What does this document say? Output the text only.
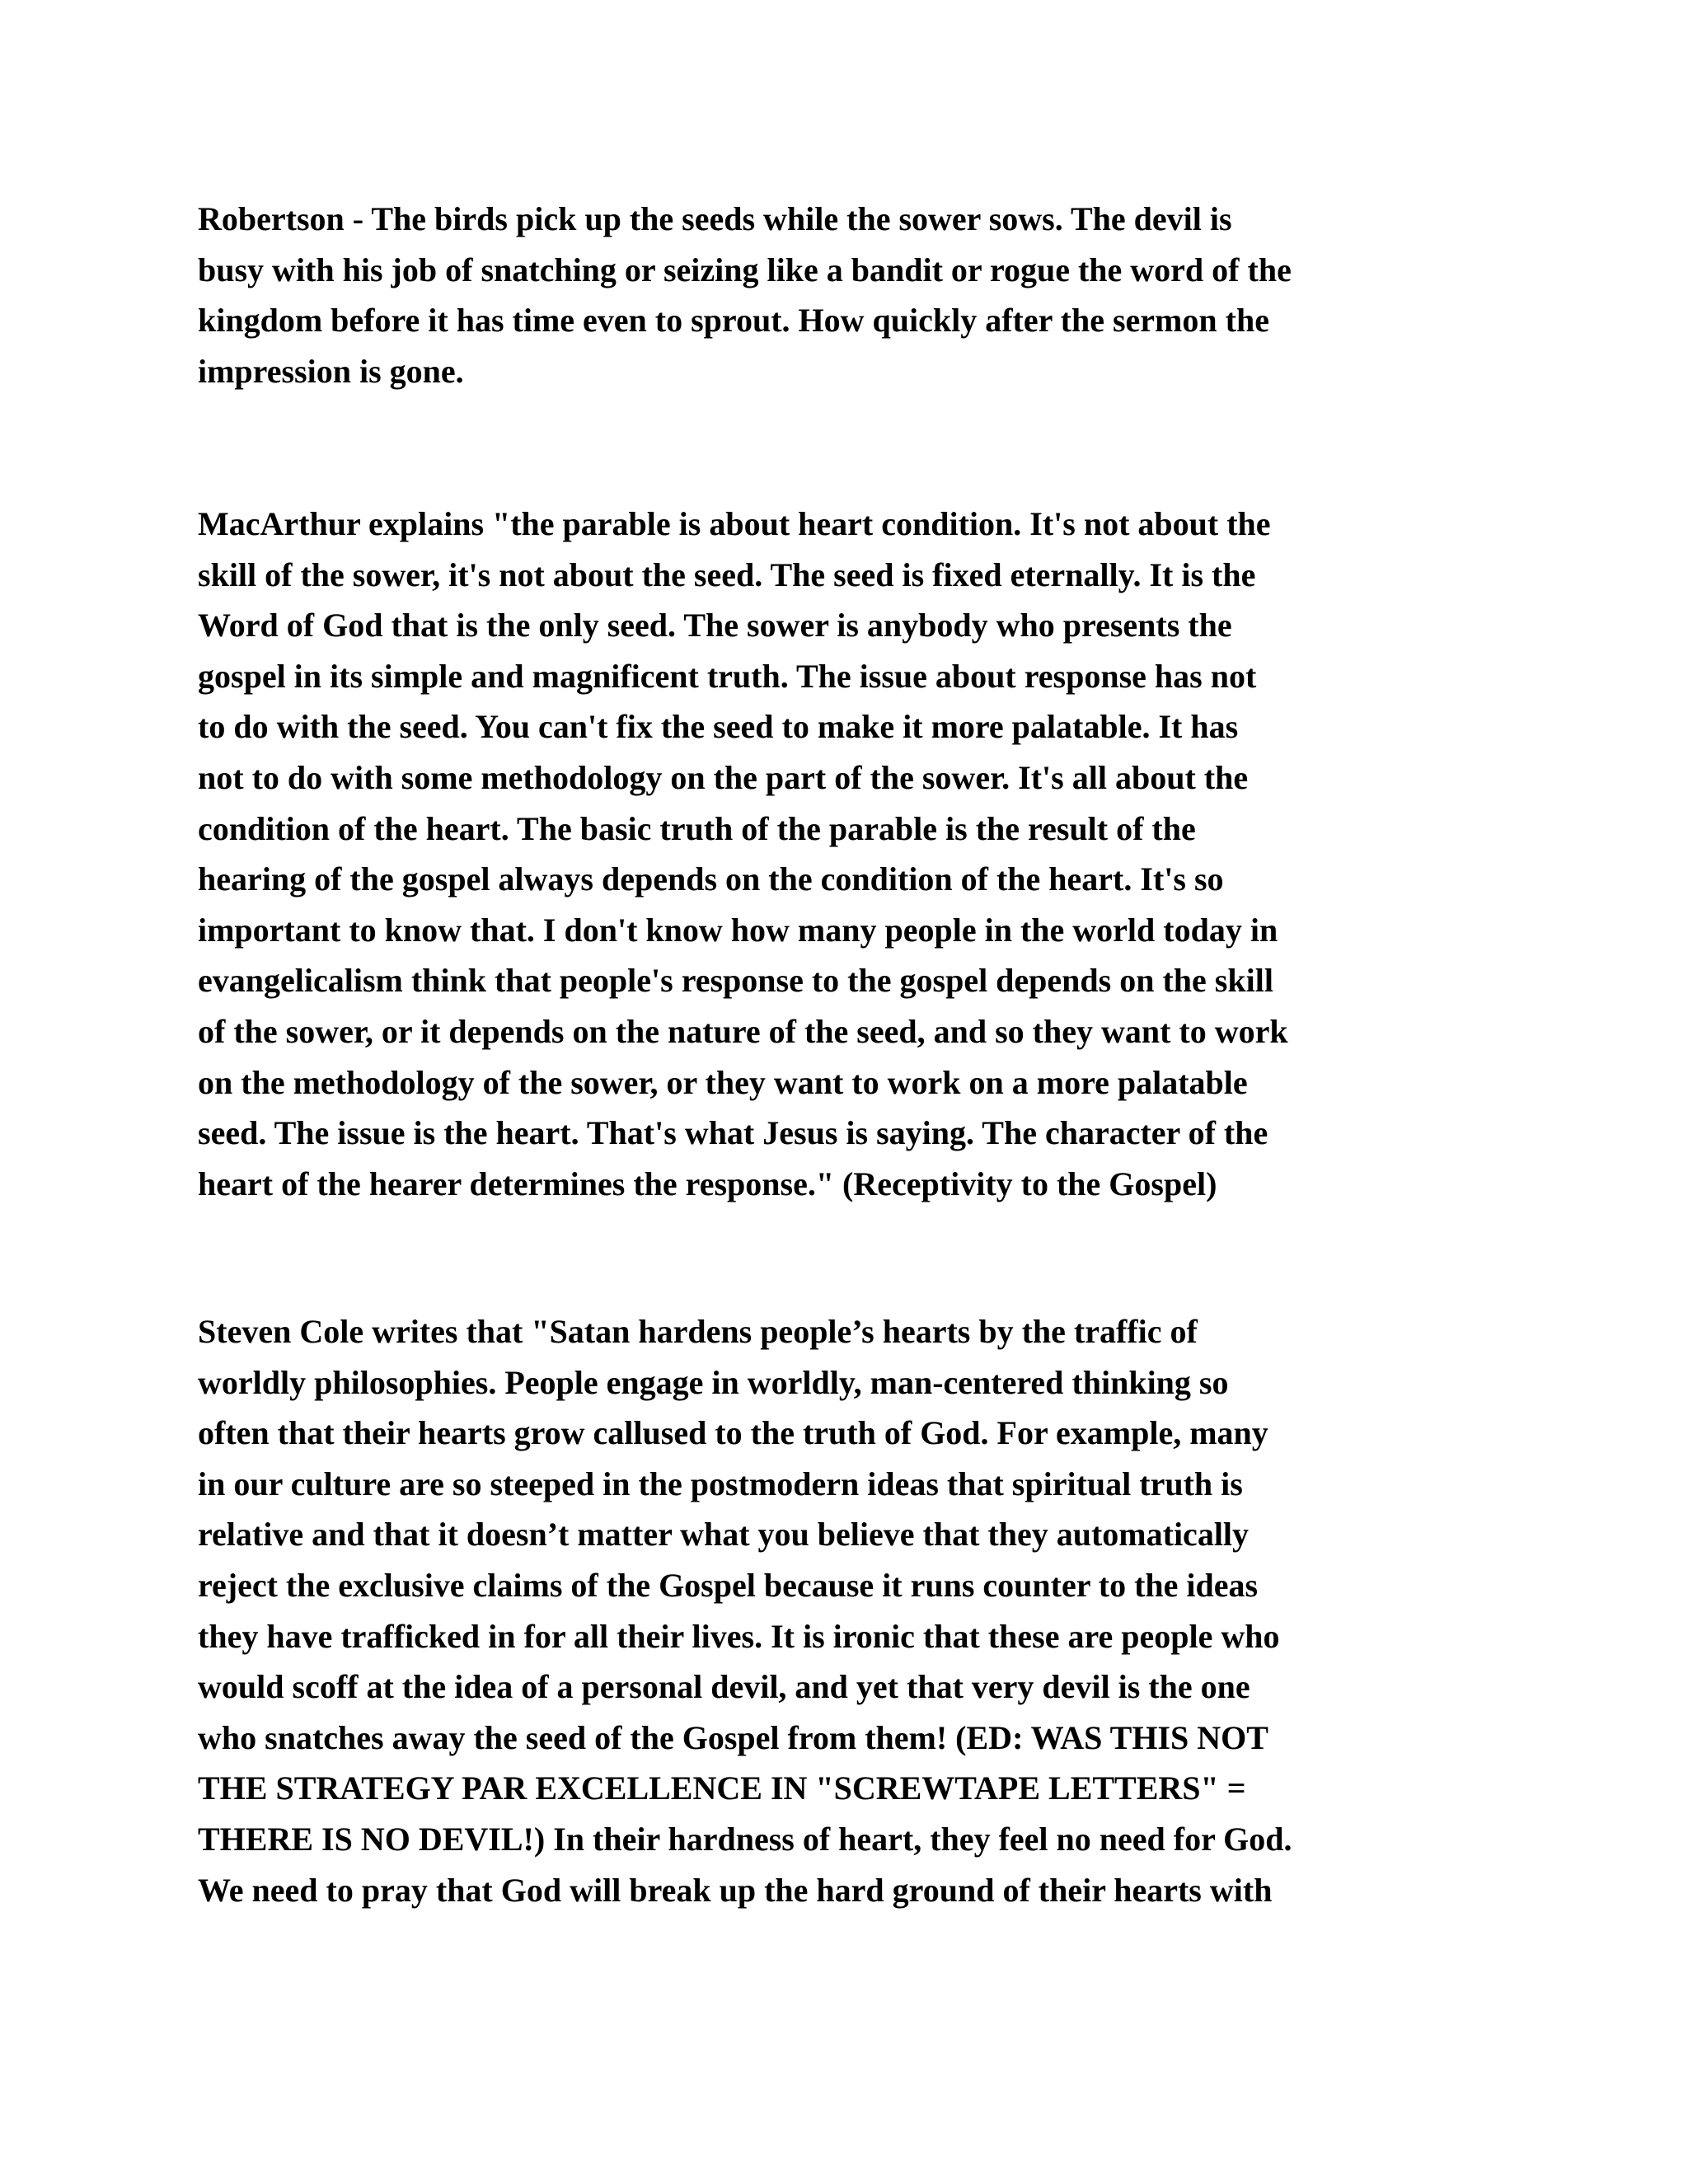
Robertson - The birds pick up the seeds while the sower sows. The devil is
busy with his job of snatching or seizing like a bandit or rogue the word of the
kingdom before it has time even to sprout. How quickly after the sermon the
impression is gone.
MacArthur explains "the parable is about heart condition. It's not about the
skill of the sower, it's not about the seed. The seed is fixed eternally. It is the
Word of God that is the only seed. The sower is anybody who presents the
gospel in its simple and magnificent truth. The issue about response has not
to do with the seed. You can't fix the seed to make it more palatable. It has
not to do with some methodology on the part of the sower. It's all about the
condition of the heart. The basic truth of the parable is the result of the
hearing of the gospel always depends on the condition of the heart. It's so
important to know that. I don't know how many people in the world today in
evangelicalism think that people's response to the gospel depends on the skill
of the sower, or it depends on the nature of the seed, and so they want to work
on the methodology of the sower, or they want to work on a more palatable
seed. The issue is the heart. That's what Jesus is saying. The character of the
heart of the hearer determines the response." (Receptivity to the Gospel)
Steven Cole writes that "Satan hardens people’s hearts by the traffic of
worldly philosophies. People engage in worldly, man-centered thinking so
often that their hearts grow callused to the truth of God. For example, many
in our culture are so steeped in the postmodern ideas that spiritual truth is
relative and that it doesn’t matter what you believe that they automatically
reject the exclusive claims of the Gospel because it runs counter to the ideas
they have trafficked in for all their lives. It is ironic that these are people who
would scoff at the idea of a personal devil, and yet that very devil is the one
who snatches away the seed of the Gospel from them! (ED: WAS THIS NOT
THE STRATEGY PAR EXCELLENCE IN "SCREWTAPE LETTERS" =
THERE IS NO DEVIL!) In their hardness of heart, they feel no need for God.
We need to pray that God will break up the hard ground of their hearts with
